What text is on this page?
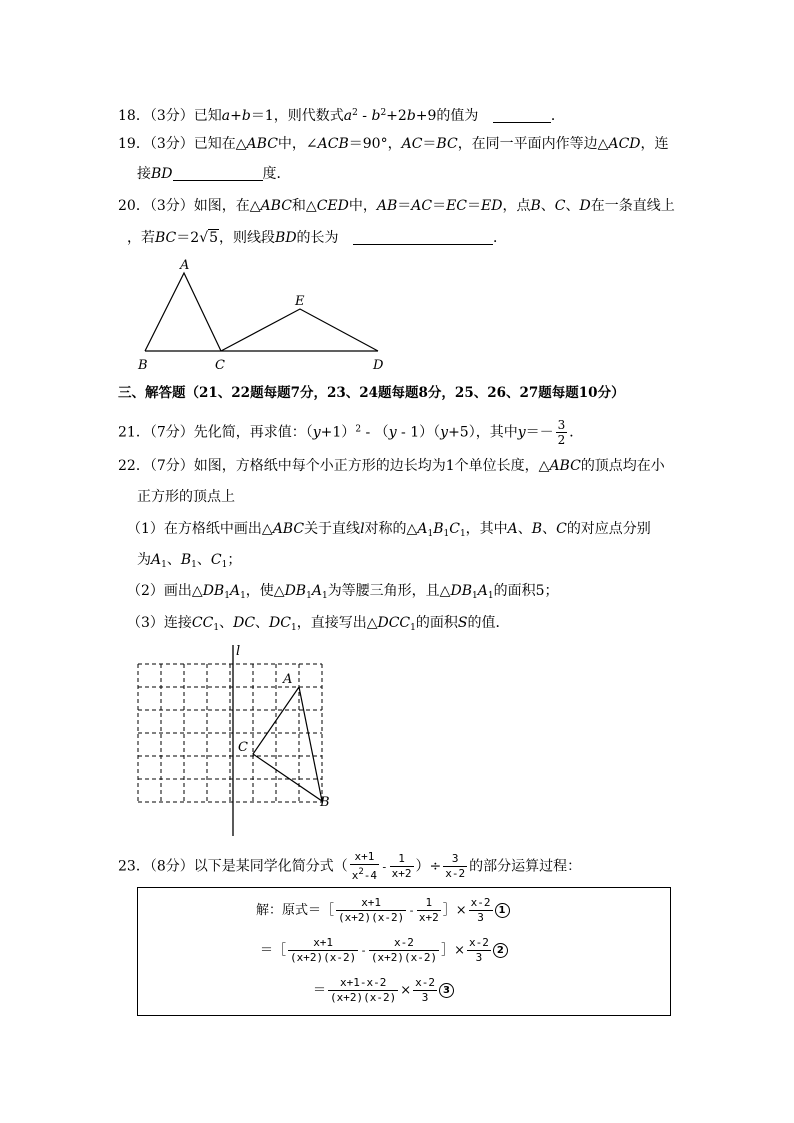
18．（3分）已知a+b＝1，则代数式$a^2 - b^2+2b+9$的值为	．
19．（3分）已知在△ABC中，∠ACB＝90°，AC＝BC，在同一平面内作等边△ACD，连
接BD	度．
20．（3分）如图，在△ABC和△CED中，AB＝AC＝EC＝ED，点B、C、D在一条直线上
，若BC＝2√5，则线段BD的长为	．
A
B	C
E
D
三、解答题（21、22题每题7分，23、24题每题8分，25、26、27题每题10分）
21．（7分）先化简，再求值：$(y+1)^2 - (y - 1)(y+5)$，其中$y=- \frac{3}{2}$ ．
22．（7分）如图，方格纸中每个小正方形的边长均为1个单位长度，△ABC的顶点均在小
正方形的顶点上
（1）在方格纸中画出△ABC关于直线l对称的$\triangle A_1B_1C_1$，其中A、B、C的对应点分别
为$A_1$、$B_1$、$C_1$；
（2）画出$\triangle DB_1A_1$，使$\triangle DB_1A_1$为等腰三角形，且$\triangle DB_1A_1$的面积5；
（3）连接$CC_1$、DC、$DC_1$，直接写出$\triangle DCC_1$的面积S的值．
l
A
C
B
23．（8分）以下是某同学化简分式（ $\frac{x+1}{x^2-4} - \frac{1}{x+2}$ ）÷ $\frac{3}{x-2}$ 的部分运算过程：
解：原式＝［ $\frac{x+1}{(x+2)(x-2)} - \frac{1}{x+2}$ ］× $\frac{x-2}{3} 1$
＝［ $\frac{x+1}{(x+2)(x-2)} - \frac{x-2}{(x+2)(x-2)}$ ］× $\frac{x-2}{3} 2$
＝ $\frac{x+1-x-2}{(x+2)(x-2)} \times \frac{x-2}{3} 3$
